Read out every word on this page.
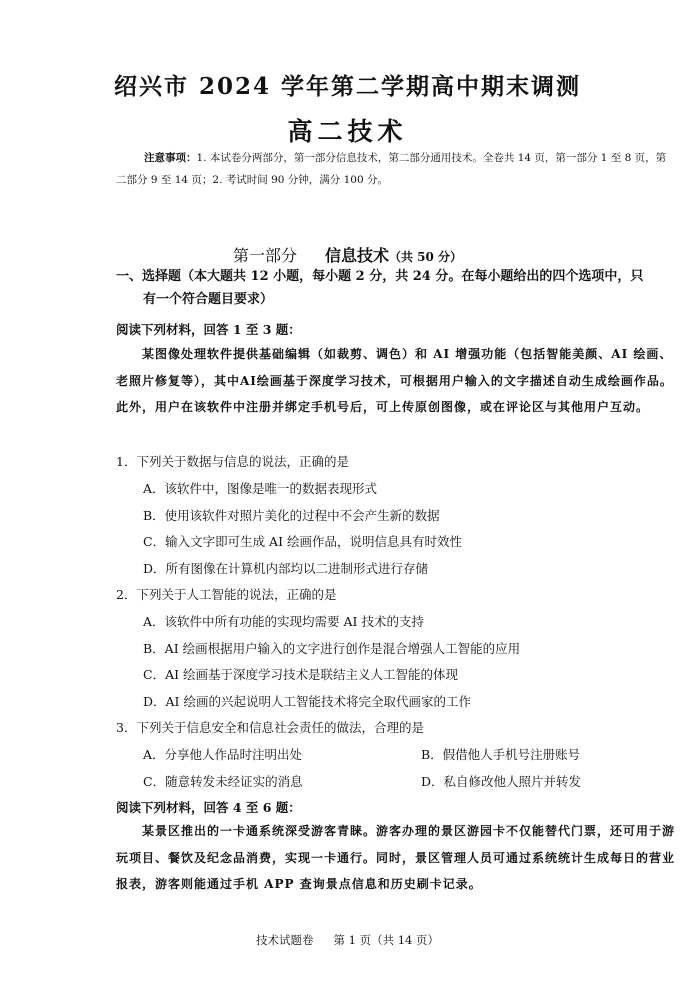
绍兴市 2024 学年第二学期高中期末调测
高二技术
注意事项：1. 本试卷分两部分，第一部分信息技术，第二部分通用技术。全卷共 14 页，第一部分 1 至 8 页，第二部分 9 至 14 页；2. 考试时间 90 分钟，满分 100 分。
第一部分 信息技术（共 50 分）
一、选择题（本大题共 12 小题，每小题 2 分，共 24 分。在每小题给出的四个选项中，只
有一个符合题目要求）
阅读下列材料，回答 1 至 3 题：
某图像处理软件提供基础编辑（如裁剪、调色）和 AI 增强功能（包括智能美颜、AI 绘画、老照片修复等），其中AI绘画基于深度学习技术，可根据用户输入的文字描述自动生成绘画作品。此外，用户在该软件中注册并绑定手机号后，可上传原创图像，或在评论区与其他用户互动。
1．下列关于数据与信息的说法，正确的是
A．该软件中，图像是唯一的数据表现形式
B．使用该软件对照片美化的过程中不会产生新的数据
C．输入文字即可生成 AI 绘画作品，说明信息具有时效性
D．所有图像在计算机内部均以二进制形式进行存储
2．下列关于人工智能的说法，正确的是
A．该软件中所有功能的实现均需要 AI 技术的支持
B．AI 绘画根据用户输入的文字进行创作是混合增强人工智能的应用
C．AI 绘画基于深度学习技术是联结主义人工智能的体现
D．AI 绘画的兴起说明人工智能技术将完全取代画家的工作
3．下列关于信息安全和信息社会责任的做法，合理的是
A．分享他人作品时注明出处	B．假借他人手机号注册账号
C．随意转发未经证实的消息	D．私自修改他人照片并转发
阅读下列材料，回答 4 至 6 题：
某景区推出的一卡通系统深受游客青睐。游客办理的景区游园卡不仅能替代门票，还可用于游玩项目、餐饮及纪念品消费，实现一卡通行。同时，景区管理人员可通过系统统计生成每日的营业报表，游客则能通过手机 APP 查询景点信息和历史刷卡记录。
技术试题卷 第 1 页（共 14 页）
